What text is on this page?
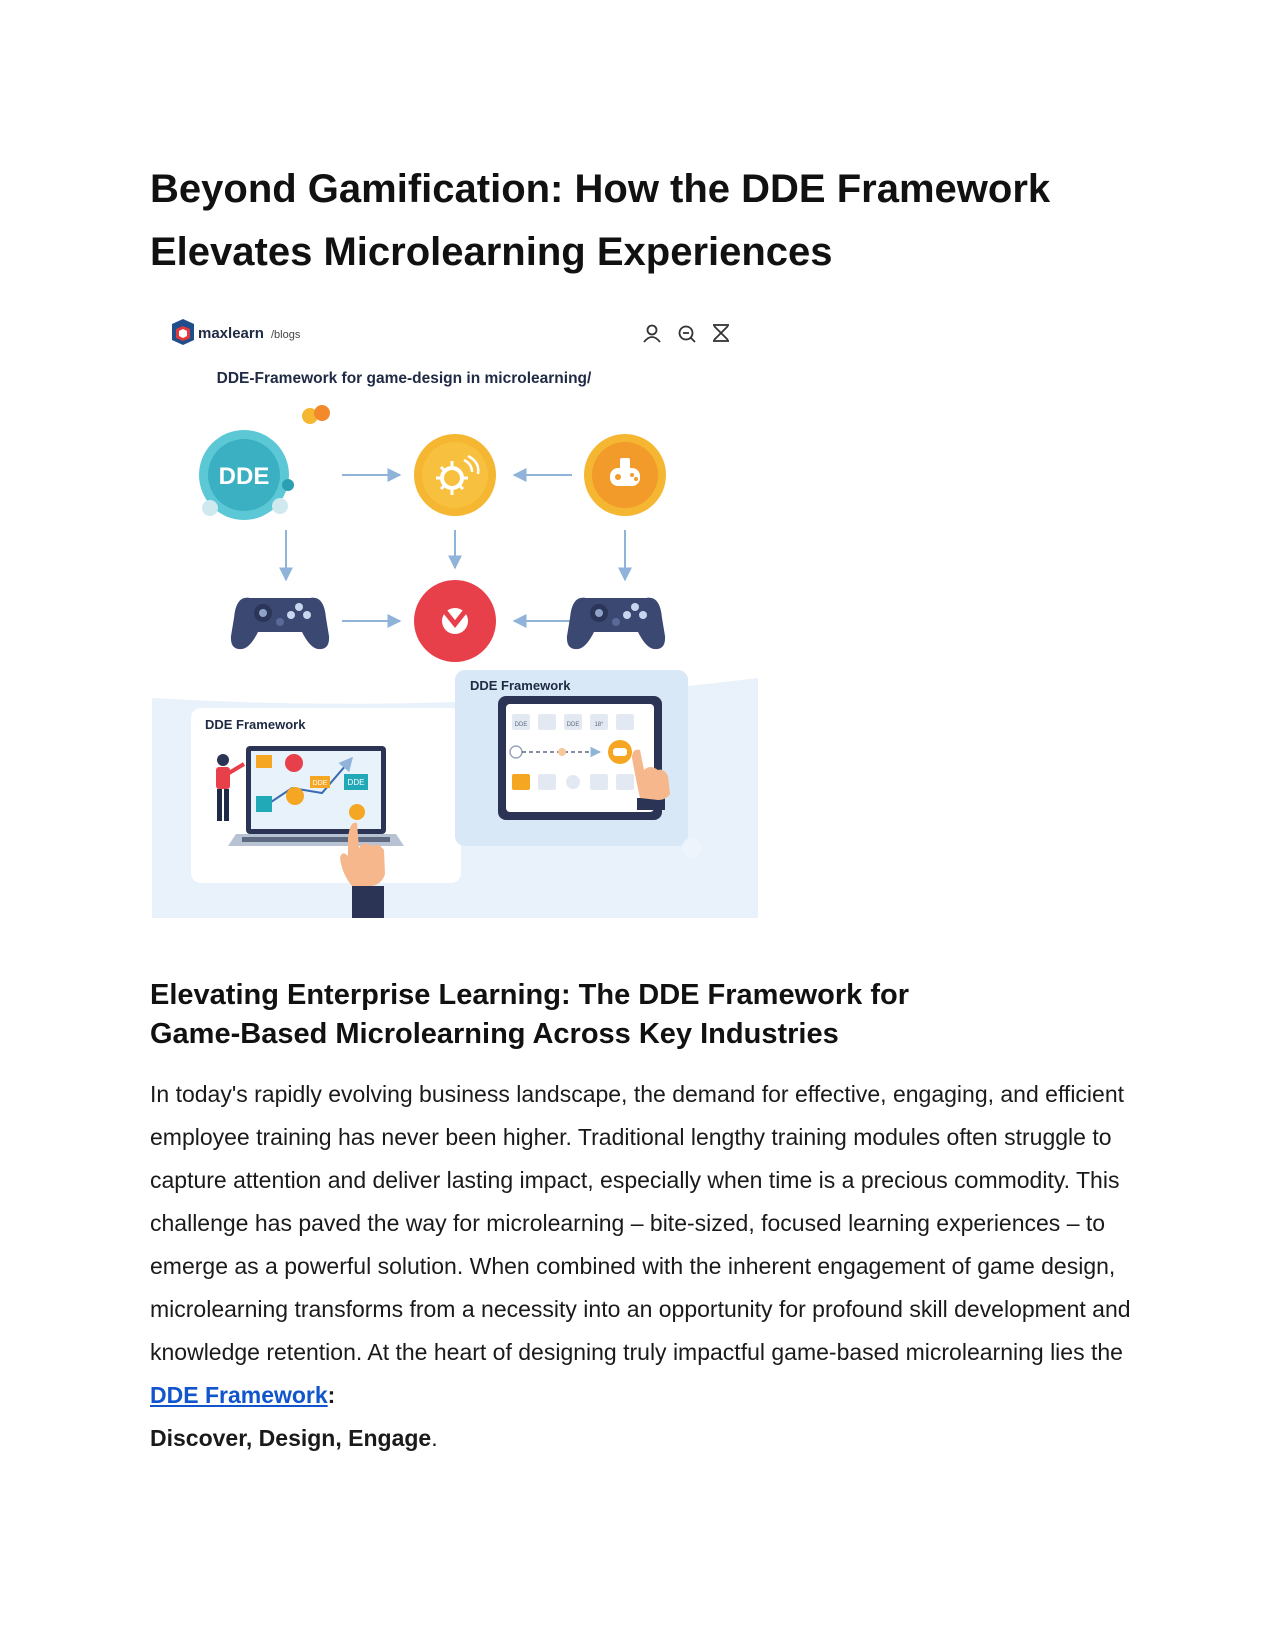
Beyond Gamification: How the DDE Framework
Elevates Microlearning Experiences
maxlearn /blogs
DDE-Framework for game-design in microlearning/
DDE
DDE Framework
DDE	DDE
DDE Framework
DDE	DDE	18°
Elevating Enterprise Learning: The DDE Framework for
Game-Based Microlearning Across Key Industries

In today's rapidly evolving business landscape, the demand for effective, engaging, and efficient employee training has never been higher. Traditional lengthy training modules often struggle to capture attention and deliver lasting impact, especially when time is a precious commodity. This challenge has paved the way for microlearning – bite-sized, focused learning experiences – to emerge as a powerful solution. When combined with the inherent engagement of game design, microlearning transforms from a necessity into an opportunity for profound skill development and knowledge retention. At the heart of designing truly impactful game-based microlearning lies the DDE Framework:
Discover, Design, Engage.
